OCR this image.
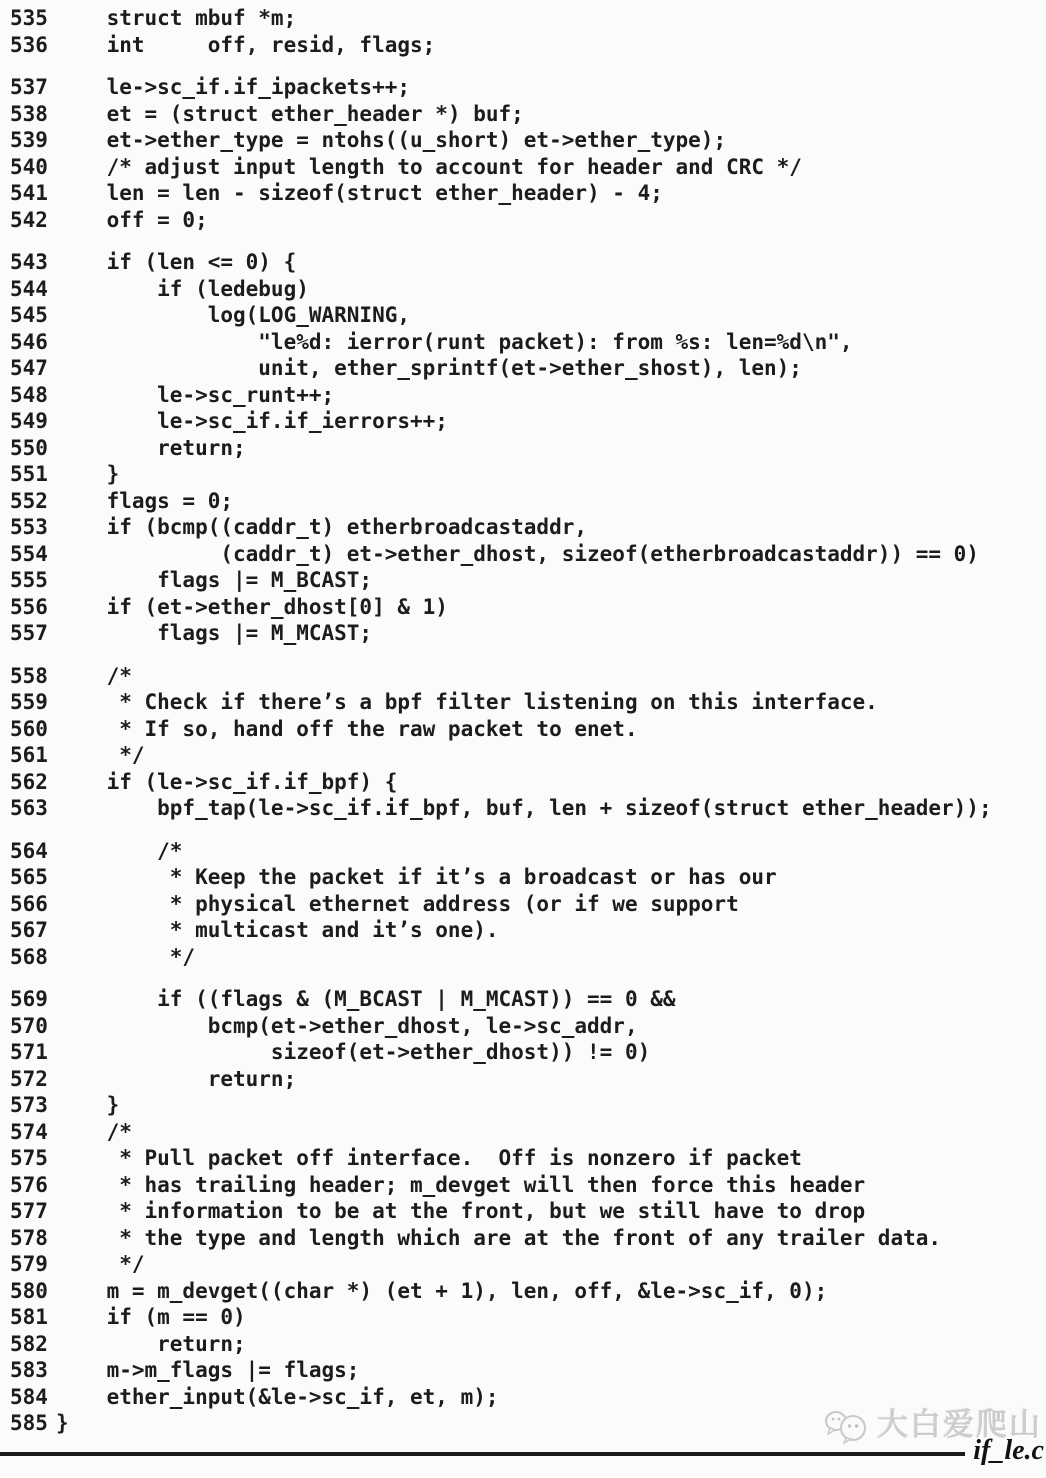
535    struct mbuf *m;
536    int     off, resid, flags;
537    le->sc_if.if_ipackets++;
538    et = (struct ether_header *) buf;
539    et->ether_type = ntohs((u_short) et->ether_type);
540    /* adjust input length to account for header and CRC */
541    len = len - sizeof(struct ether_header) - 4;
542    off = 0;
543    if (len <= 0) {
544        if (ledebug)
545            log(LOG_WARNING,
546                "le%d: ierror(runt packet): from %s: len=%d\n",
547                unit, ether_sprintf(et->ether_shost), len);
548        le->sc_runt++;
549        le->sc_if.if_ierrors++;
550        return;
551    }
552    flags = 0;
553    if (bcmp((caddr_t) etherbroadcastaddr,
554             (caddr_t) et->ether_dhost, sizeof(etherbroadcastaddr)) == 0)
555        flags |= M_BCAST;
556    if (et->ether_dhost[0] & 1)
557        flags |= M_MCAST;
558    /*
559     * Check if there’s a bpf filter listening on this interface.
560     * If so, hand off the raw packet to enet.
561     */
562    if (le->sc_if.if_bpf) {
563        bpf_tap(le->sc_if.if_bpf, buf, len + sizeof(struct ether_header));
564        /*
565         * Keep the packet if it’s a broadcast or has our
566         * physical ethernet address (or if we support
567         * multicast and it’s one).
568         */
569        if ((flags & (M_BCAST | M_MCAST)) == 0 &&
570            bcmp(et->ether_dhost, le->sc_addr,
571                 sizeof(et->ether_dhost)) != 0)
572            return;
573    }
574    /*
575     * Pull packet off interface.  Off is nonzero if packet
576     * has trailing header; m_devget will then force this header
577     * information to be at the front, but we still have to drop
578     * the type and length which are at the front of any trailer data.
579     */
580    m = m_devget((char *) (et + 1), len, off, &le->sc_if, 0);
581    if (m == 0)
582        return;
583    m->m_flags |= flags;
584    ether_input(&le->sc_if, et, m);
585 }	大白爱爬山
if_le.c
